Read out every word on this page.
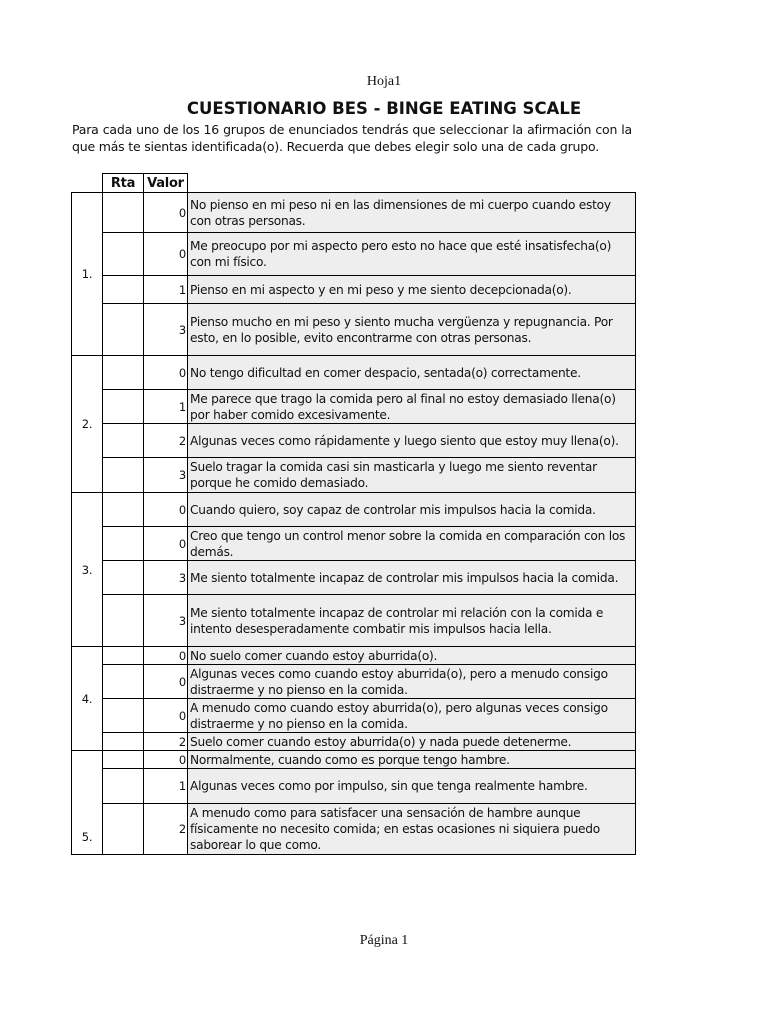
Hoja1
CUESTIONARIO BES - BINGE EATING SCALE
Para cada uno de los 16 grupos de enunciados tendrás que seleccionar la afirmación con la que más te sientas identificada(o). Recuerda que debes elegir solo una de cada grupo.
	Rta	Valor	
1.		0	No pienso en mi peso ni en las dimensiones de mi cuerpo cuando estoy con otras personas.
		0	Me preocupo por mi aspecto pero esto no hace que esté insatisfecha(o) con mi físico.
		1	Pienso en mi aspecto y en mi peso y me siento decepcionada(o).
		3	Pienso mucho en mi peso y siento mucha vergüenza y repugnancia. Por esto, en lo posible, evito encontrarme con otras personas.
2.		0	No tengo dificultad en comer despacio, sentada(o) correctamente.
		1	Me parece que trago la comida pero al final no estoy demasiado llena(o) por haber comido excesivamente.
		2	Algunas veces como rápidamente y luego siento que estoy muy llena(o).
		3	Suelo tragar la comida casi sin masticarla y luego me siento reventar porque he comido demasiado.
3.		0	Cuando quiero, soy capaz de controlar mis impulsos hacia la comida.
		0	Creo que tengo un control menor sobre la comida en comparación con los demás.
		3	Me siento totalmente incapaz de controlar mis impulsos hacia la comida.
		3	Me siento totalmente incapaz de controlar mi relación con la comida e intento desesperadamente combatir mis impulsos hacia lella.
4.		0	No suelo comer cuando estoy aburrida(o).
		0	Algunas veces como cuando estoy aburrida(o), pero a menudo consigo distraerme y no pienso en la comida.
		0	A menudo como cuando estoy aburrida(o), pero algunas veces consigo distraerme y no pienso en la comida.
		2	Suelo comer cuando estoy aburrida(o) y nada puede detenerme.
5.		0	Normalmente, cuando como es porque tengo hambre.
		1	Algunas veces como por impulso, sin que tenga realmente hambre.
		2	A menudo como para satisfacer una sensación de hambre aunque físicamente no necesito comida; en estas ocasiones ni siquiera puedo saborear lo que como.
Página 1
